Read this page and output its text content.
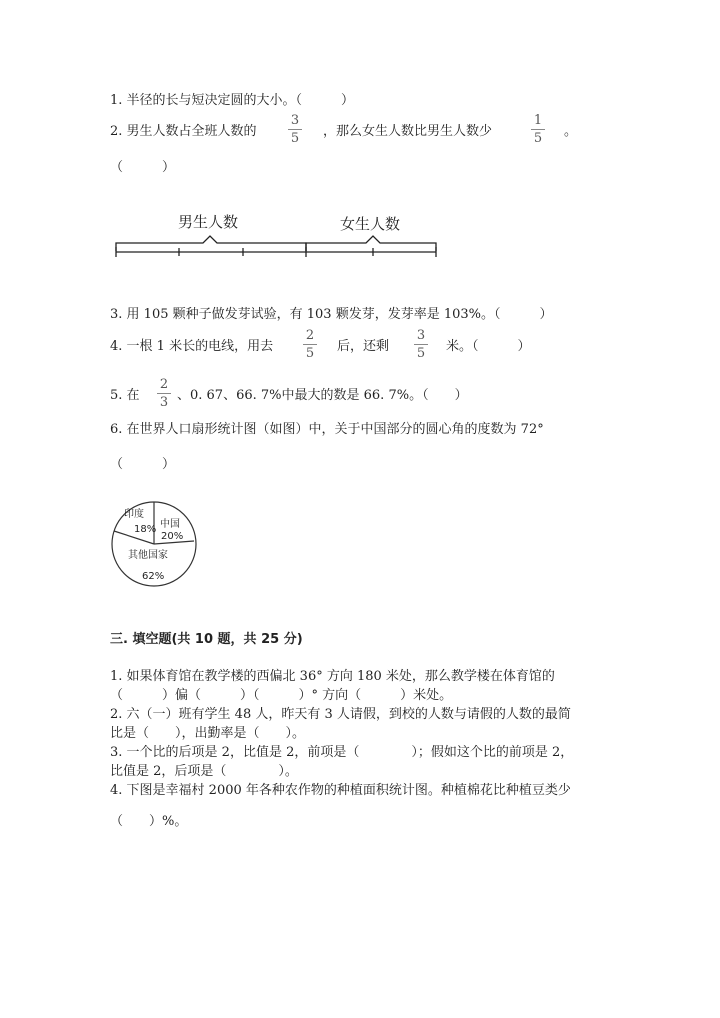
1. 半径的长与短决定圆的大小。（　　　）
2. 男生人数占全班人数的
3
5 ，那么女生人数比男生人数少
1
5 。
（　　　）
男生人数	女生人数
3. 用 105 颗种子做发芽试验，有 103 颗发芽，发芽率是 103%。（　　　）
4. 一根 1 米长的电线，用去
2
5 后，还剩
3
5 米。（　　　）
5. 在
2
3 、0. 67、66. 7%中最大的数是 66. 7%。（　　）
6. 在世界人口扇形统计图（如图）中，关于中国部分的圆心角的度数为 72°
（　　　）
印度
18% 中国
20%
其他国家
62%
三. 填空题(共 10 题，共 25 分)
1. 如果体育馆在教学楼的西偏北 36° 方向 180 米处，那么教学楼在体育馆的
（　　　）偏（　　　）（　　　）° 方向（　　　）米处。
2. 六（一）班有学生 48 人，昨天有 3 人请假，到校的人数与请假的人数的最简
比是（　　），出勤率是（　　）。
3. 一个比的后项是 2，比值是 2，前项是（　　　　）；假如这个比的前项是 2，
比值是 2，后项是（　　　　）。
4. 下图是幸福村 2000 年各种农作物的种植面积统计图。种植棉花比种植豆类少
（　　）%。
